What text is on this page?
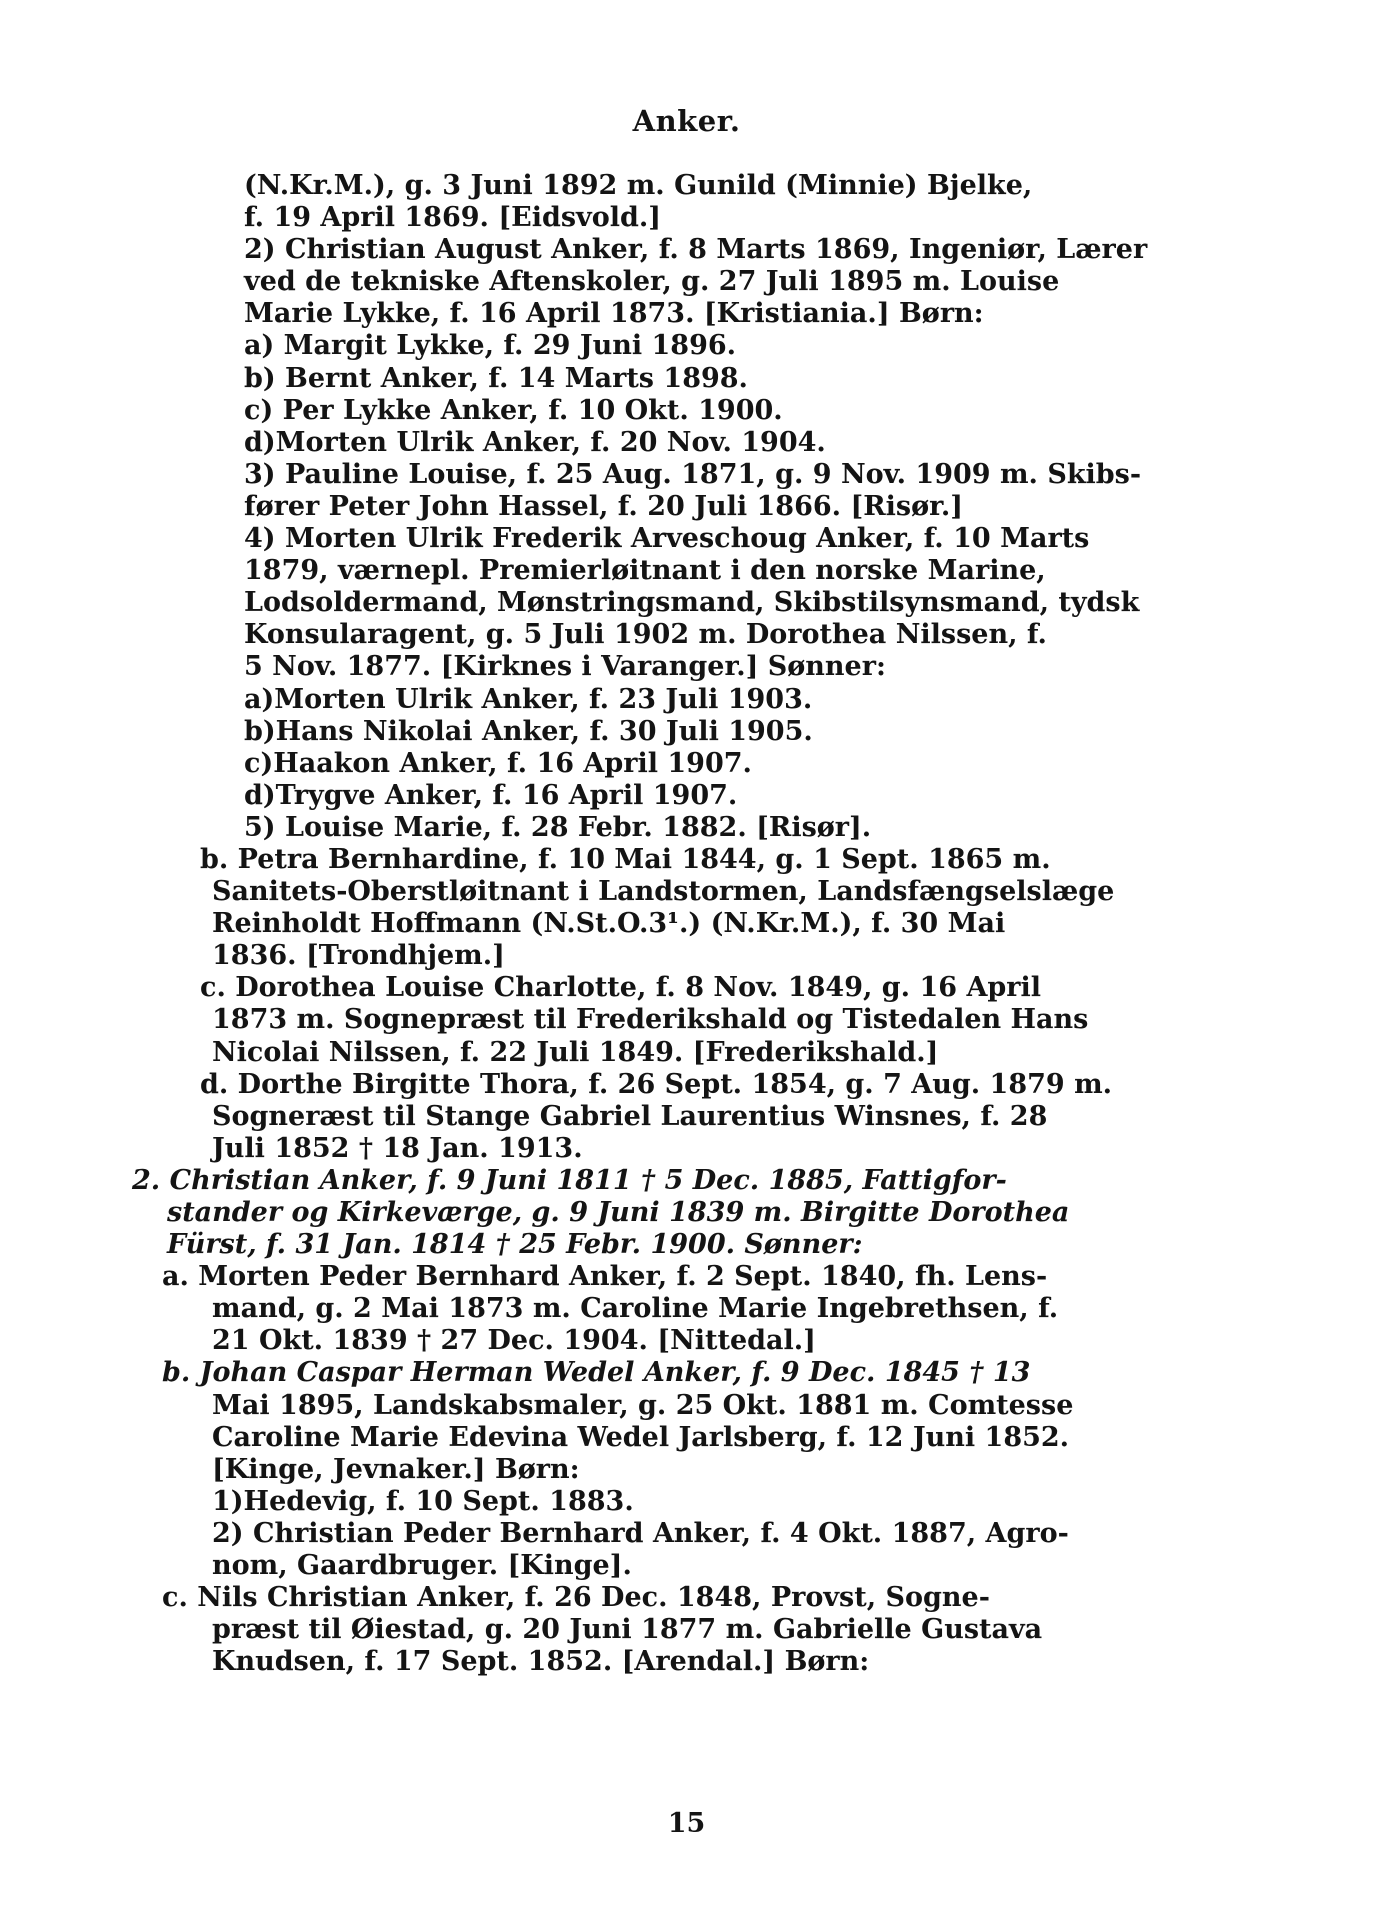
Anker.
(N.Kr.M.), g. 3 Juni 1892 m. Gunild (Minnie) Bjelke,
f. 19 April 1869. [Eidsvold.]
2) Christian August Anker, f. 8 Marts 1869, Ingeniør, Lærer
ved de tekniske Aftenskoler, g. 27 Juli 1895 m. Louise
Marie Lykke, f. 16 April 1873. [Kristiania.] Børn:
a) Margit Lykke, f. 29 Juni 1896.
b) Bernt Anker, f. 14 Marts 1898.
c) Per Lykke Anker, f. 10 Okt. 1900.
d)Morten Ulrik Anker, f. 20 Nov. 1904.
3) Pauline Louise, f. 25 Aug. 1871, g. 9 Nov. 1909 m. Skibs-
fører Peter John Hassel, f. 20 Juli 1866. [Risør.]
4) Morten Ulrik Frederik Arveschoug Anker, f. 10 Marts
1879, værnepl. Premierløitnant i den norske Marine,
Lodsoldermand, Mønstringsmand, Skibstilsynsmand, tydsk
Konsularagent, g. 5 Juli 1902 m. Dorothea Nilssen, f.
5 Nov. 1877. [Kirknes i Varanger.] Sønner:
a)Morten Ulrik Anker, f. 23 Juli 1903.
b)Hans Nikolai Anker, f. 30 Juli 1905.
c)Haakon Anker, f. 16 April 1907.
d)Trygve Anker, f. 16 April 1907.
5) Louise Marie, f. 28 Febr. 1882. [Risør].
b. Petra Bernhardine, f. 10 Mai 1844, g. 1 Sept. 1865 m.
Sanitets-Oberstløitnant i Landstormen, Landsfængselslæge
Reinholdt Hoffmann (N.St.O.3¹.) (N.Kr.M.), f. 30 Mai
1836. [Trondhjem.]
c. Dorothea Louise Charlotte, f. 8 Nov. 1849, g. 16 April
1873 m. Sognepræst til Frederikshald og Tistedalen Hans
Nicolai Nilssen, f. 22 Juli 1849. [Frederikshald.]
d. Dorthe Birgitte Thora, f. 26 Sept. 1854, g. 7 Aug. 1879 m.
Sogneræst til Stange Gabriel Laurentius Winsnes, f. 28
Juli 1852 † 18 Jan. 1913.
2. Christian Anker, f. 9 Juni 1811 † 5 Dec. 1885, Fattigfor-
stander og Kirkeværge, g. 9 Juni 1839 m. Birgitte Dorothea
Fürst, f. 31 Jan. 1814 † 25 Febr. 1900. Sønner:
a. Morten Peder Bernhard Anker, f. 2 Sept. 1840, fh. Lens-
mand, g. 2 Mai 1873 m. Caroline Marie Ingebrethsen, f.
21 Okt. 1839 † 27 Dec. 1904. [Nittedal.]
b. Johan Caspar Herman Wedel Anker, f. 9 Dec. 1845 † 13
Mai 1895, Landskabsmaler, g. 25 Okt. 1881 m. Comtesse
Caroline Marie Edevina Wedel Jarlsberg, f. 12 Juni 1852.
[Kinge, Jevnaker.] Børn:
1)Hedevig, f. 10 Sept. 1883.
2) Christian Peder Bernhard Anker, f. 4 Okt. 1887, Agro-
nom, Gaardbruger. [Kinge].
c. Nils Christian Anker, f. 26 Dec. 1848, Provst, Sogne-
præst til Øiestad, g. 20 Juni 1877 m. Gabrielle Gustava
Knudsen, f. 17 Sept. 1852. [Arendal.] Børn:
15
